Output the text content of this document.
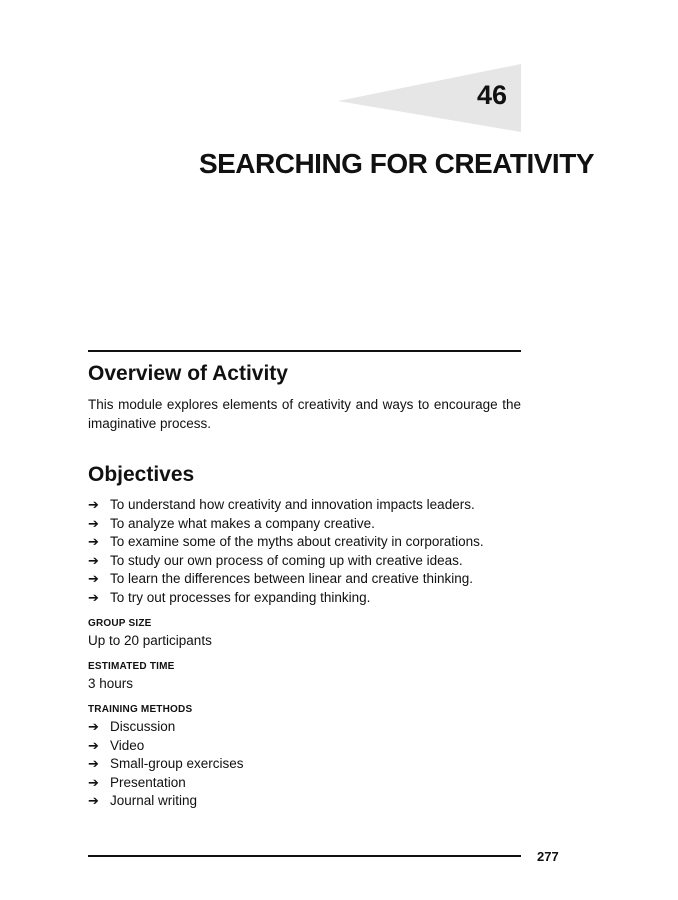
46
SEARCHING FOR CREATIVITY
Overview of Activity

This module explores elements of creativity and ways to encourage the imaginative process.

Objectives
➔ To understand how creativity and innovation impacts leaders.
➔ To analyze what makes a company creative.
➔ To examine some of the myths about creativity in corporations.
➔ To study our own process of coming up with creative ideas.
➔ To learn the differences between linear and creative thinking.
➔ To try out processes for expanding thinking.
GROUP SIZE
Up to 20 participants
ESTIMATED TIME
3 hours
TRAINING METHODS
➔ Discussion
➔ Video
➔ Small-group exercises
➔ Presentation
➔ Journal writing
277
